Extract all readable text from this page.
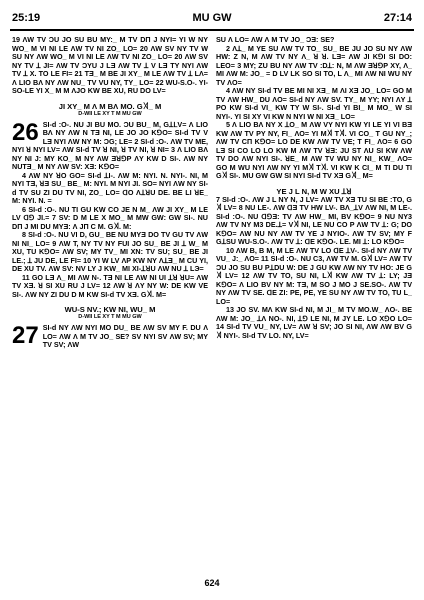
25:19	MU GW	27:14

19 ΛW TV ϽU JO SU BU MY:_ M TV DП J NYI= YI W NY WO_ M VI NI LE ΛW TV NI ZO_ LO= 20 ΛW SV NY TV W SU NY ΛW WO_ M VI NI LE ΛW TV NI ZO_ LO= 20 ΛW SV NY TV ꓕ JI= ΛW TV ϽYU J LƎ ΛW TV ꓕ V LƎ TY NYI ΛW TV ꓕ X. TO LE FI= 21 TƎ_ M BE JI XY_ M LE ΛW TV ꓕ LΛ= Λ LIO BΛ NY ΛW NU_ TV VU NY, TY_ LO= 22 WU-S.O-. YI-SO-LE YI X_ M M ΛJO KW BE XU, RU DO LV=

JI XY_ M Λ M BΛ MO. G꓀_ M
D-WII LE XY T M MU GW
26 SI-d :O-. NU JI BU MO. ϽU BU_ M, GꓕꓡV= Λ LIO BΛ NY ΛW N TƎ NI, LE JO JO KꓨO= SI-d TV V LƎ NYI ΛW NY M: ϽG; LE= 2 SI-d :O-. ΛW TV ME, NYI ꓤ NYI LV= ΛW SI-d TV ꓤ NI, ꓤ TV NI, ꓤ NI= 3 Λ LIO BΛ NY NI J: MY KO_ M NY ΛW ƎꓤꓨP ΛY KW D SI-. ΛW NY NUTƎ_ M NY ΛW SV: XƎ: KꓨO=

4 ΛW NY ꓤO GO= SI-d ꓕI-. ΛW M: NYI. N. NYI-. NI, M NYI TƎ, ꓤƎ SU_ BE_ M: NYI. M NYI JI. SO= NYI ΛW NY SI-d TV SU ZI DU TV NI, ZO_ LO= ꓷO ΛꓕꓤU DE. BE LI ꓤE_ M: NYI. N. =

6 SI-d :O-. NU TI GU KW CO JE N M_ ΛW JI XY_ M LE LV ꓷꓨ JI.= 7 SV: D M LE X MO_ M MW GW: GW SI-. NU DП J MI DU MYƎ: Λ JП C M. G꓀. M:

8 SI-d :O-. NU VI D, GU_ BE NU MYƎ DO TV GU TV ΛW NI NI_ LO= 9 ΛW T, NY TV NY FUI JO SU_ BE JI ꓕ W_ M XU, TU KꓨO= ΛW SV; MY TV_ MI XN: TV SU; SU_ BE JI LE.; ꓕ JU DE, LE FI= 10 YI W LV ΛP KW NY ΛꓕƎ_ M CU YI, DE XU TV. ΛW SV: NV LY J KW_ MI XI-ꓕꓤU ΛW NU ꓕ LЭ=

11 GO LƎ Λ_ MI ΛW N-. TƎ NI LE ΛW NI UI ꓕꓤ ꓤU= ΛW TV XƎ. ꓤ SI XU RU J LV= 12 ΛW ꓤ ΛY NY W: DE KW VE SI-. ΛW NY ZI DU D M KW SI-d TV XƎ. G꓀. M=

WU-S NV.; KW NI, WU_ M
D-WII LE XY T M MU GW
27 SI-d NY ΛW NYI MO DU_ BE ΛW SV MY F. DU Λ LO= ΛW Λ M TV JO_ SE? SV NYI SV ΛW SV; MY TV SV; ΛW

SU Λ LO= ΛW Λ M TV JO_ ϽƎ: SE?

2 Λꓕ_ M YE SU ΛW TV TO_ SU_ BE JU JO SU NY ΛW HW: Z N, M ΛW TV NY Λ_ ꓤ ꓤ. LƎ= ΛW JI KꓨI SI DO: LEO= 3 MY; ZU BU NY ΛW TV :Dꓕ: N, M ΛW ƎꓤꓨP XY, Λ_ MI ΛW M: JO_ = D LV LK SO SI TO, L Λ_ MI ΛW NI WU NY TV ΛO=

4 ΛW NY SI-d TV BE MI NI XƎ_ M ΛI XƎ JO_ LO= GO M TV ΛW HW_ DU ΛO= SI-d NY ΛW SV. TY_ M YY; NYI ΛY ꓕ PO KW SI-d VI_ KW TY W SI-. SI-d YI BI_ M MO_ W SI NYI-. YI SI XY VI KW N NYI W NI XƎ_ LO=

5 Λ LIO BΛ NY X ꓕO_ M ΛW VY NYI KW YI LE YI VI BƎ KW ΛW TV PY NY, FI_ ΛO= YI M꓀ T꓀. VI CO_ T GU NY_; ΛW TV CП KꓨO= LO DE KW ΛW TV VE; T FI_ ΛO= 6 GO LƎ SI CO LO LO KW M ΛW TV ꓤƎ: JU ST ΛU SI KW ΛW TV DO ΛW NYI SI-. ꓤE_ M ΛW TV WU NY NI_ KW_ ΛO= GO M WU NYI ΛW NY YI M꓀ T꓀. VI KW K CI_ M TI DU TI G꓀ SI-. MU GW GW SI NYI SI-d TV XƎ G꓀_ M=

YE J L N, M W XU ꓕꓤ

7 SI-d :O-. ΛW J L NY N, J LV= ΛW TV XƎ TU SI BE :TO, G꓀ LV= 8 NU LE-. ΛW ꓷƎ TV HW LV-. BΛ_ꓕV ΛW NI, M LE-. SI-d :O-. NU ꓷꓨƎ: TV ΛW HW_ MI, BV KꓨO= 9 NU NY3 ΛW TV NY M3 DE.ꓕ= V꓀ NI, LE NU CO P ΛW TV ꓕ: G; DO KꓨO= ΛW NU NY ΛW TV YE J NYIO-. ΛW TV SV; MY F GꓕSU WU-S.O-. ΛW TV ꓕ: ꓷE KꓨO-. LE. MI ꓕ: LO KꓨO=

10 ΛW B, B M, M LE ΛW TV LO ꓷE ꓕV-. SI-d NY ΛW TV VU_ J:_ ΛO= 11 SI-d :O-. NU C3, ΛW TV M. G꓀ LV= ΛW TV ϽU JO SU BU PꓕDU W: DE J GU KW ΛW NY TV HO: JE G꓀ LV= 12 ΛW TV TO, SU NI, L꓀ KW ΛW TV ꓕ: LY; JƎ KꓨO= Λ LIO BV NY M: TƎ, M SO J MO J SE.SO-. ΛW TV NY ΛW TV SE. ꓷE ZI: PE, PE, YE SU NY ΛW TV TO, TU L_ LO=

13 JO SV. MΛ KW SI-d NI, M JI_ M TV MO.W_ ΛO-. BE ΛW M: JO_ ꓕΛ NO-. NI, ꓕꓨ LE NI, M JY LE. LO XꓨO LO= 14 SI-d TV VU_ NY, LV= ΛW ꓤ SV; JO SI NI, ΛW ΛW BV G꓀ NYI-. SI-d TV LO. NY, LV=

624
